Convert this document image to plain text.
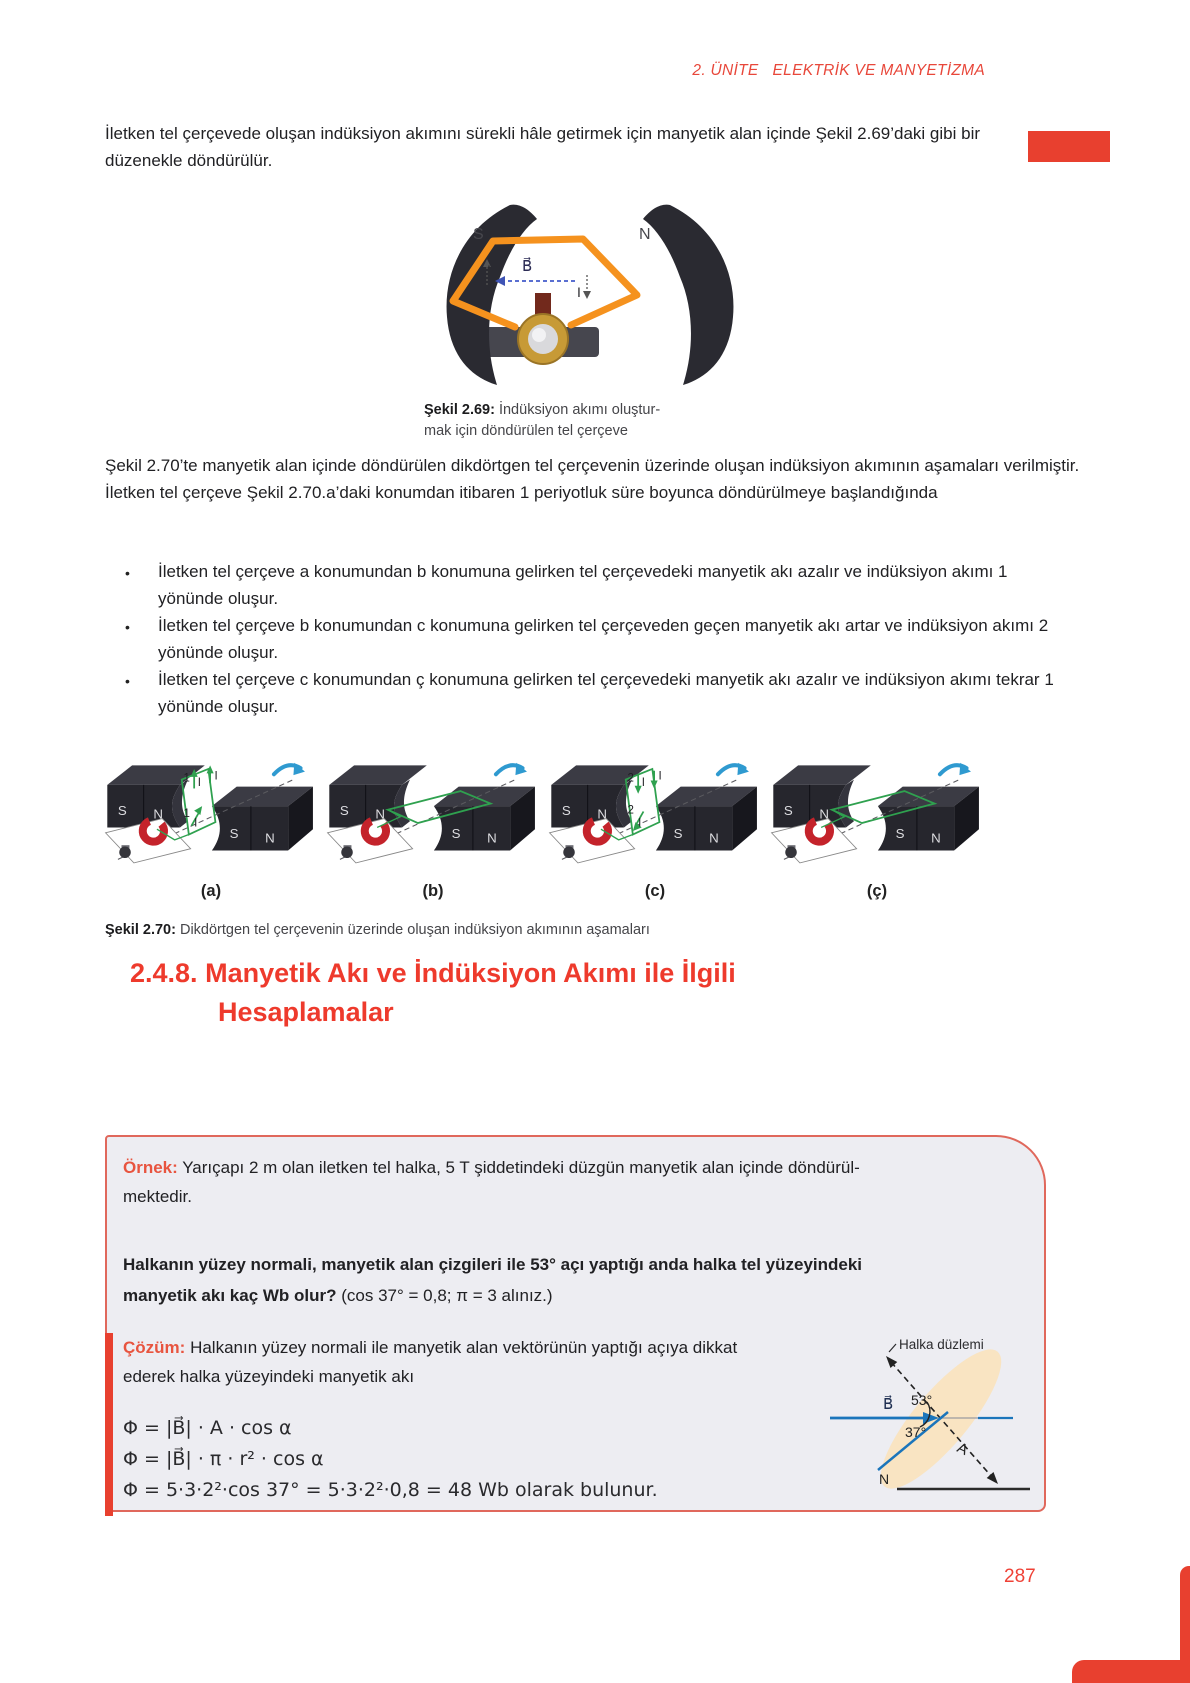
2. ÜNİTE ELEKTRİK VE MANYETİZMA
İletken tel çerçevede oluşan indüksiyon akımını sürekli hâle getirmek için manyetik alan içinde Şekil 2.69’daki gibi bir düzenekle döndürülür.
S	N
I
I
B⃗
Şekil 2.69: İndüksiyon akımı oluştur-
mak için döndürülen tel çerçeve
Şekil 2.70’te manyetik alan içinde döndürülen dikdörtgen tel çerçevenin üzerinde oluşan indüksiyon akımının aşamaları verilmiştir. İletken tel çerçeve Şekil 2.70.a’daki konumdan itibaren 1 periyotluk süre boyunca döndürülmeye başlandığında
•	İletken tel çerçeve a konumundan b konumuna gelirken tel çerçevedeki manyetik akı azalır ve indüksiyon akımı 1 yönünde oluşur.
•	İletken tel çerçeve b konumundan c konumuna gelirken tel çerçeveden geçen manyetik akı artar ve indüksiyon akımı 2 yönünde oluşur.
•	İletken tel çerçeve c konumundan ç konumuna gelirken tel çerçevedeki manyetik akı azalır ve indüksiyon akımı tekrar 1 yönünde oluşur.
1 I
I
1
I
S N
S N
S N
S N
2 I
I
2
I
S N
S N
S N
S N
(a)	(b)	(c)	(ç)
Şekil 2.70: Dikdörtgen tel çerçevenin üzerinde oluşan indüksiyon akımının aşamaları
2.4.8. Manyetik Akı ve İndüksiyon Akımı ile İlgili
Hesaplamalar
Örnek: Yarıçapı 2 m olan iletken tel halka, 5 T şiddetindeki düzgün manyetik alan içinde döndürül-
mektedir.
Halkanın yüzey normali, manyetik alan çizgileri ile 53° açı yaptığı anda halka tel yüzeyindeki
manyetik akı kaç Wb olur? (cos 37° = 0,8; π = 3 alınız.)
Çözüm: Halkanın yüzey normali ile manyetik alan vektörünün yaptığı açıya dikkat
ederek halka yüzeyindeki manyetik akı
Φ = |B⃗| · A · cos α
Φ = |B⃗| · π · r² · cos α
Φ = 5·3·2²·cos 37° = 5·3·2²·0,8 = 48 Wb olarak bulunur.
Halka düzlemi
B⃗ 53°
37°
A
N
287
